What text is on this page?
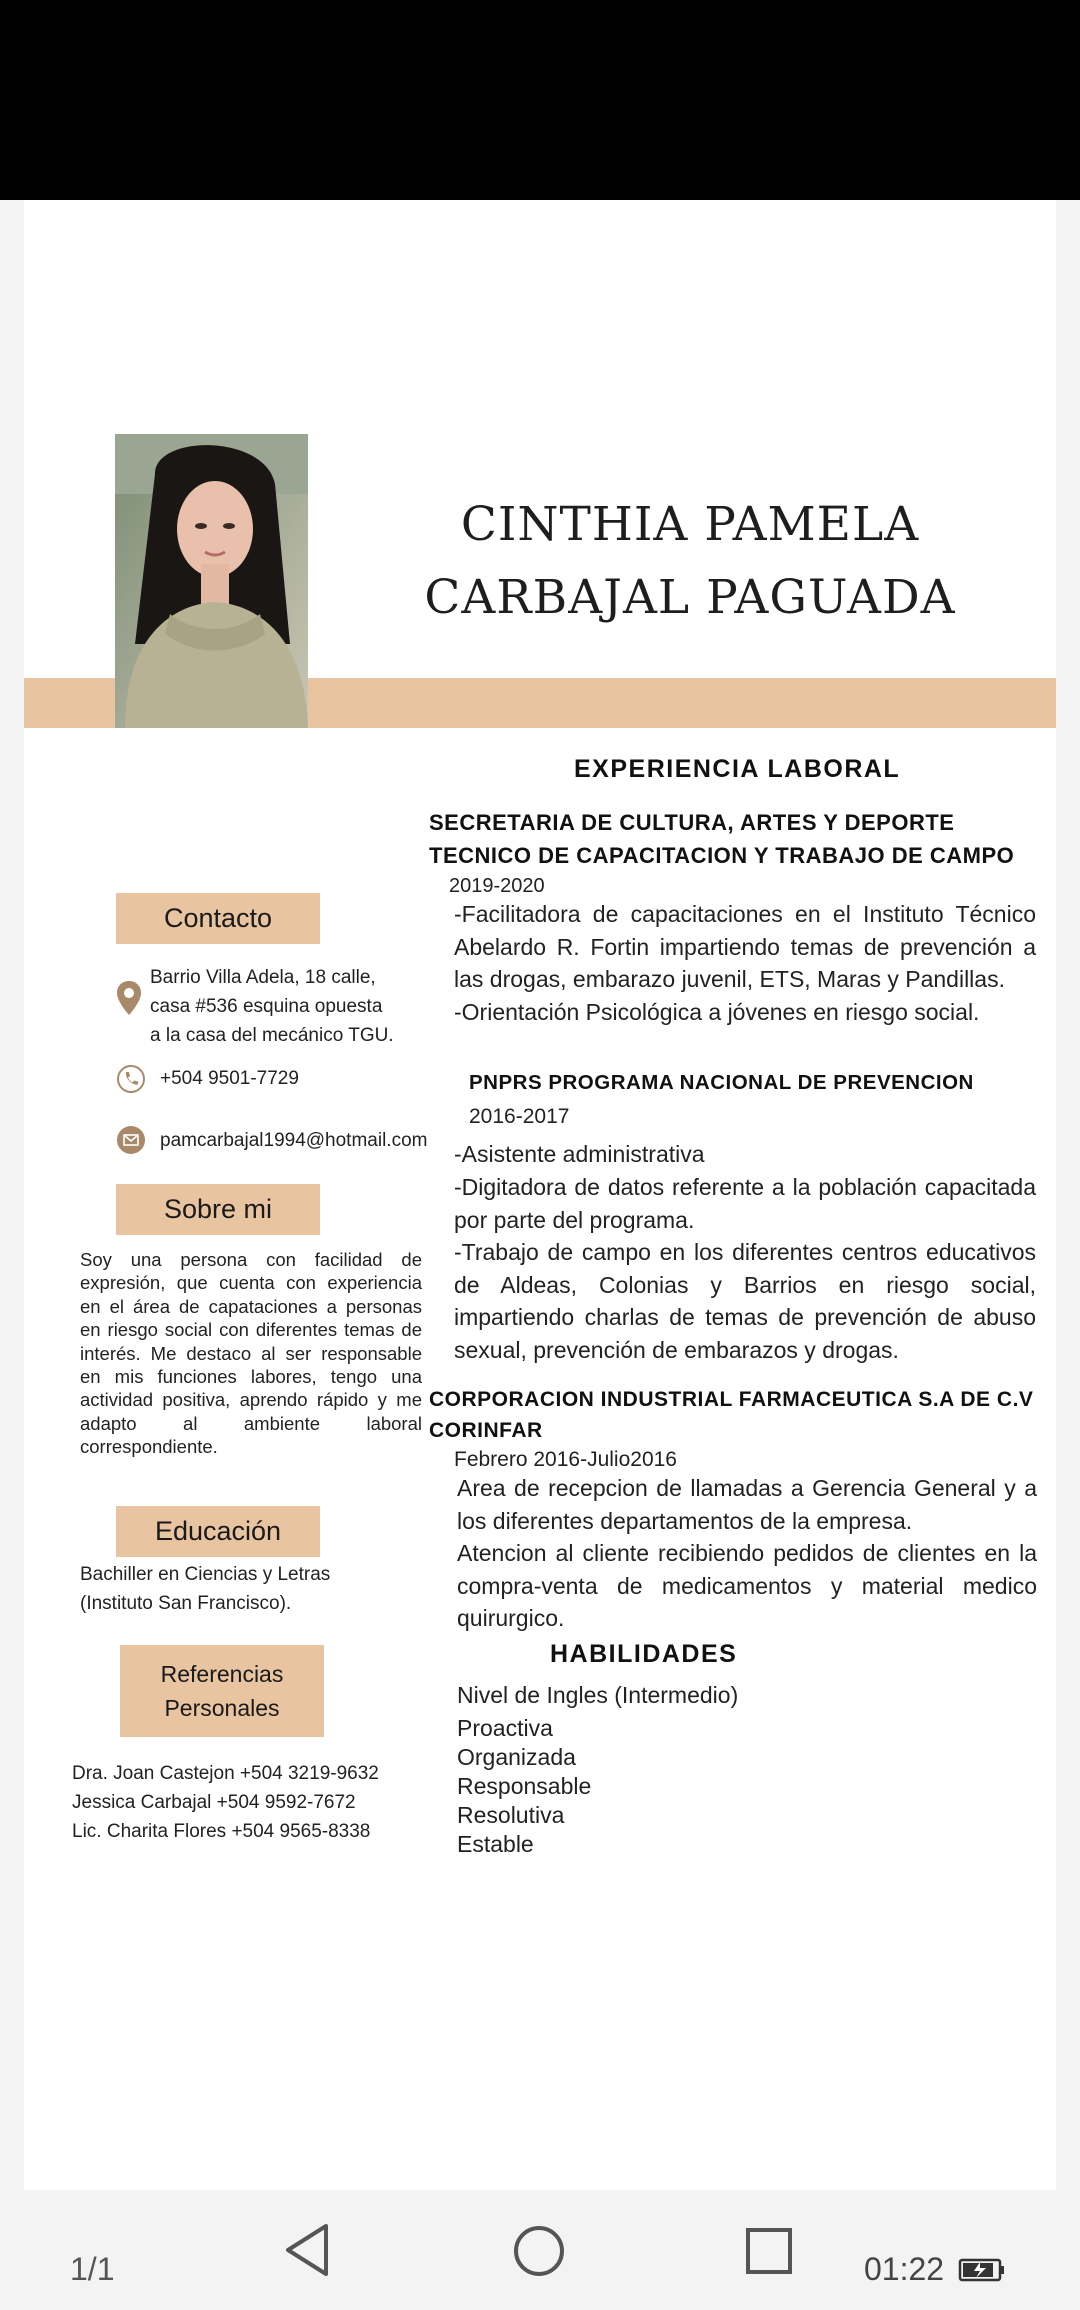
CINTHIA PAMELA
CARBAJAL PAGUADA
Contacto
Barrio Villa Adela, 18 calle,
casa #536 esquina opuesta
a la casa del mecánico TGU.
+504 9501-7729
pamcarbajal1994@hotmail.com
Sobre mi
Soy una persona con facilidad de expresión, que cuenta con experiencia en el área de capataciones a personas en riesgo social con diferentes temas de interés. Me destaco al ser responsable en mis funciones labores, tengo una actividad positiva, aprendo rápido y me adapto al ambiente laboral correspondiente.
Educación
Bachiller en Ciencias y Letras
(Instituto San Francisco).
Referencias
Personales
Dra. Joan Castejon +504 3219-9632
Jessica Carbajal +504 9592-7672
Lic. Charita Flores +504 9565-8338
EXPERIENCIA LABORAL
SECRETARIA DE CULTURA, ARTES Y DEPORTE
TECNICO DE CAPACITACION Y TRABAJO DE CAMPO
2019-2020
-Facilitadora de capacitaciones en el Instituto Técnico Abelardo R. Fortin impartiendo temas de prevención a las drogas, embarazo juvenil, ETS, Maras y Pandillas.
-Orientación Psicológica a jóvenes en riesgo social.
PNPRS PROGRAMA NACIONAL DE PREVENCION
2016-2017
-Asistente administrativa
-Digitadora de datos referente a la población capacitada por parte del programa.
-Trabajo de campo en los diferentes centros educativos de Aldeas, Colonias y Barrios en riesgo social, impartiendo charlas de temas de prevención de abuso sexual, prevención de embarazos y drogas.
CORPORACION INDUSTRIAL FARMACEUTICA S.A DE C.V
CORINFAR
Febrero 2016-Julio2016
Area de recepcion de llamadas a Gerencia General y a los diferentes departamentos de la empresa.
Atencion al cliente recibiendo pedidos de clientes en la compra-venta de medicamentos y material medico quirurgico.
HABILIDADES
Nivel de Ingles (Intermedio)
Proactiva
Organizada
Responsable
Resolutiva
Estable
1/1	01:22
